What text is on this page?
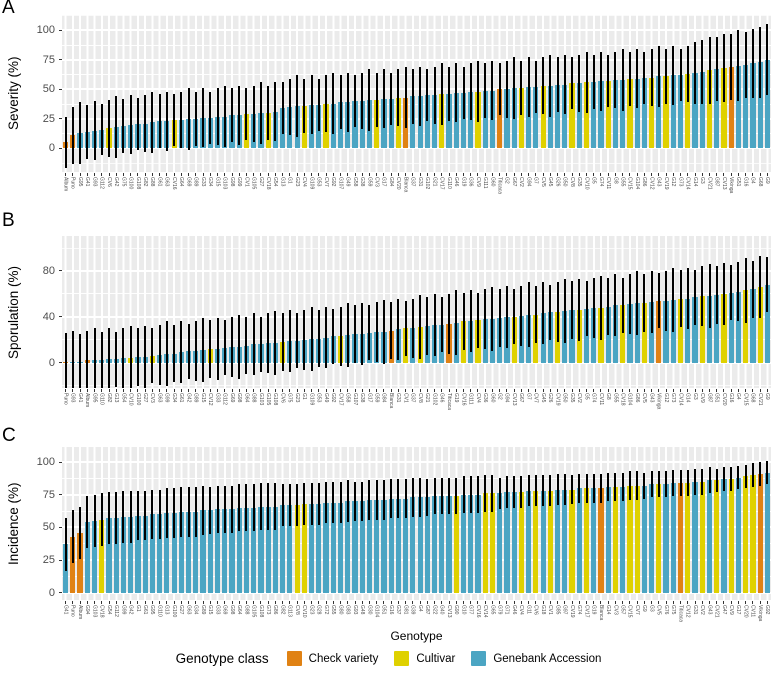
A
Severity (%)
0
25
50
75
100
Album Puno G95 G41 G93 G112 CV6 G42 G75 G100 G108 G82 G88 G61 G63 CV16 G64 G69 G89 G33 G34 G15 G103 G98 G99 CV1 G105 G27 CV18 G54 G13 G1 G23 CV4 G109 G53 CV7 G92 G107 G49 G58 G38 G59 CV3 G17 G84 CV20 Blanca G37 G31 G102 G21 CV17 G110 G46 G19 G36 CV9 G111 G60 Titicaca G2 G67 CV2 G94 G7 CV5 G45 G26 G50 CV8 G35 CV10 G5 G74 CV11 G8 G55 CV15 G104 G86 CV12 G43 CV19 G12 G73 CV14 G14 G3 CV21 G87 CV13 Vikinga G51 G16 G4 G68 G9
B
Sporulation (%)
0
40
80
Puno G93 G41 Album G95 G110 G82 G13 G54 CV10 G100 G27 CV3 G63 G99 G34 G61 G42 G89 G15 CV12 G33 G112 G69 G98 G64 G88 G103 G105 G108 CV6 G75 G23 G1 G109 G53 G49 G92 CV17 G58 G107 G38 G17 G59 G84 Blanca G31 CV1 G37 CV8 G21 G102 G46 Titicaca G19 CV16 G111 CV4 G36 G60 G2 G94 CV13 G67 G7 CV7 G45 G26 CV19 G50 G35 CV2 G5 G74 CV11 G8 G55 CV18 G104 G86 CV5 G43 Vikinga G12 G73 CV14 G14 G3 CV9 G87 G51 CV20 G16 G4 CV15 G68 CV21 G9
C
Incidence (%)
0
25
50
75
100
G41 Puno Album G94 G103 CV18 G54 G112 G99 G42 G1 G61 G95 G110 G13 G100 G27 G63 G34 G89 G15 G33 G69 G98 G64 G88 G105 G108 G73 G86 G82 G113 CV8 CV10 G23 G28 G72 G55 G80 G83 G93 G48 G30 G104 G51 G16 G37 G81 G39 G4 G87 G22 G40 CV13 G90 G10 G77 CV16 CV14 G65 G79 G71 G46 CV4 G11 CV6 G18 CV1 G85 G97 CV19 G74 CV17 G19 Blanca G14 CV3 G57 CV15 CV7 G9 G3 CV5 G76 G75 Titicaca CV12 G31 CV2 G43 CV21 G47 CV9 G17 CV20 CV11 Vikinga G92
Genotype
Genotype class	Check variety	Cultivar	Genebank Accession
